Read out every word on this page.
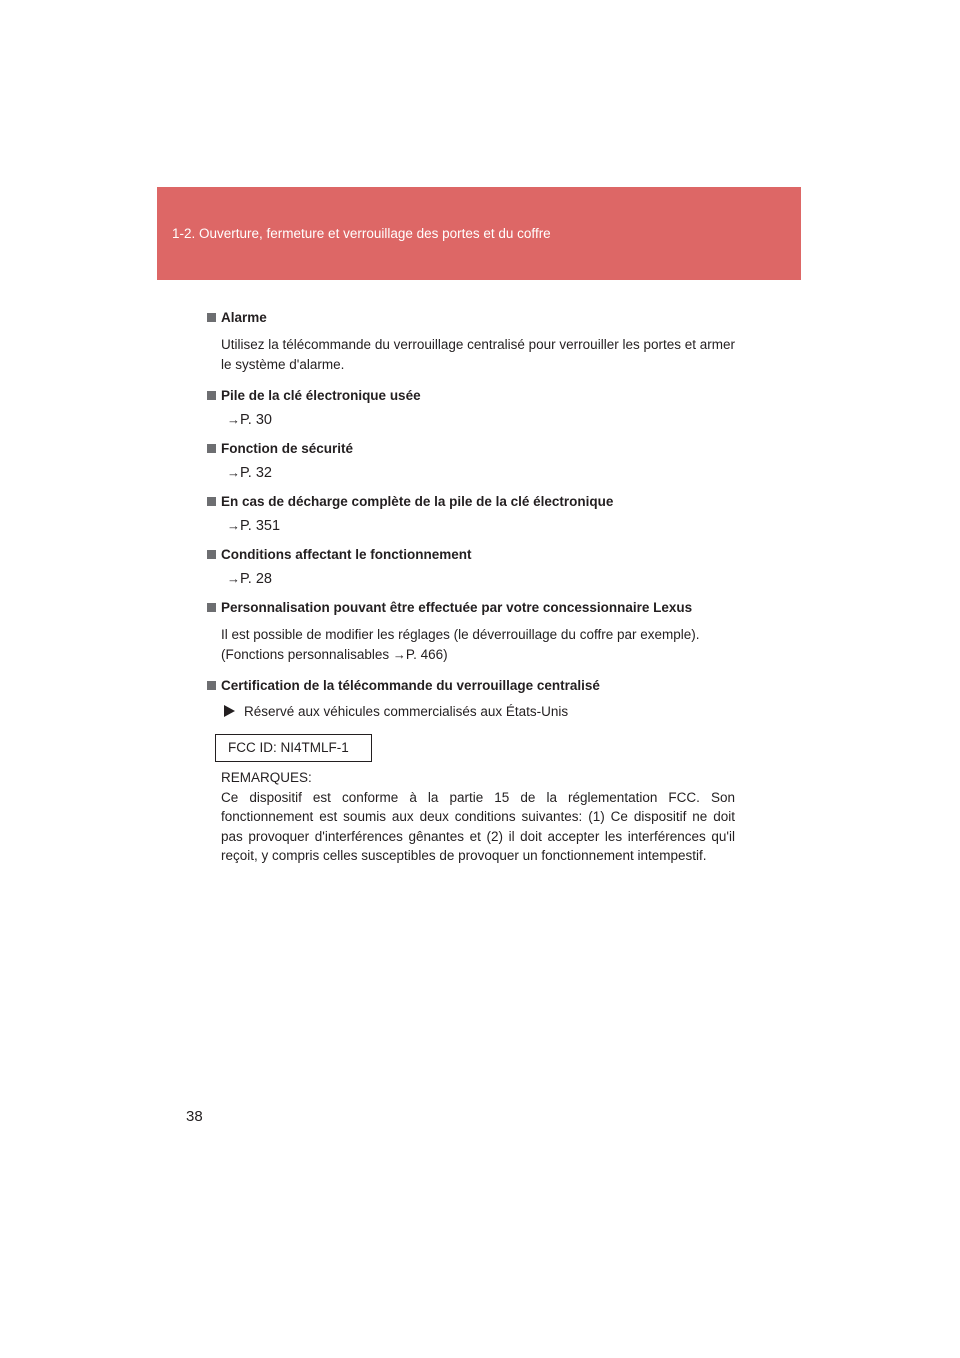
1-2. Ouverture, fermeture et verrouillage des portes et du coffre
Alarme
Utilisez la télécommande du verrouillage centralisé pour verrouiller les portes et armer le système d'alarme.
Pile de la clé électronique usée
→P. 30
Fonction de sécurité
→P. 32
En cas de décharge complète de la pile de la clé électronique
→P. 351
Conditions affectant le fonctionnement
→P. 28
Personnalisation pouvant être effectuée par votre concessionnaire Lexus
Il est possible de modifier les réglages (le déverrouillage du coffre par exemple).
(Fonctions personnalisables →P. 466)
Certification de la télécommande du verrouillage centralisé
Réservé aux véhicules commercialisés aux États-Unis
FCC ID: NI4TMLF-1
REMARQUES:
Ce dispositif est conforme à la partie 15 de la réglementation FCC. Son fonctionnement est soumis aux deux conditions suivantes: (1) Ce dispositif ne doit pas provoquer d'interférences gênantes et (2) il doit accepter les interférences qu'il reçoit, y compris celles susceptibles de provoquer un fonctionnement intempestif.
38
